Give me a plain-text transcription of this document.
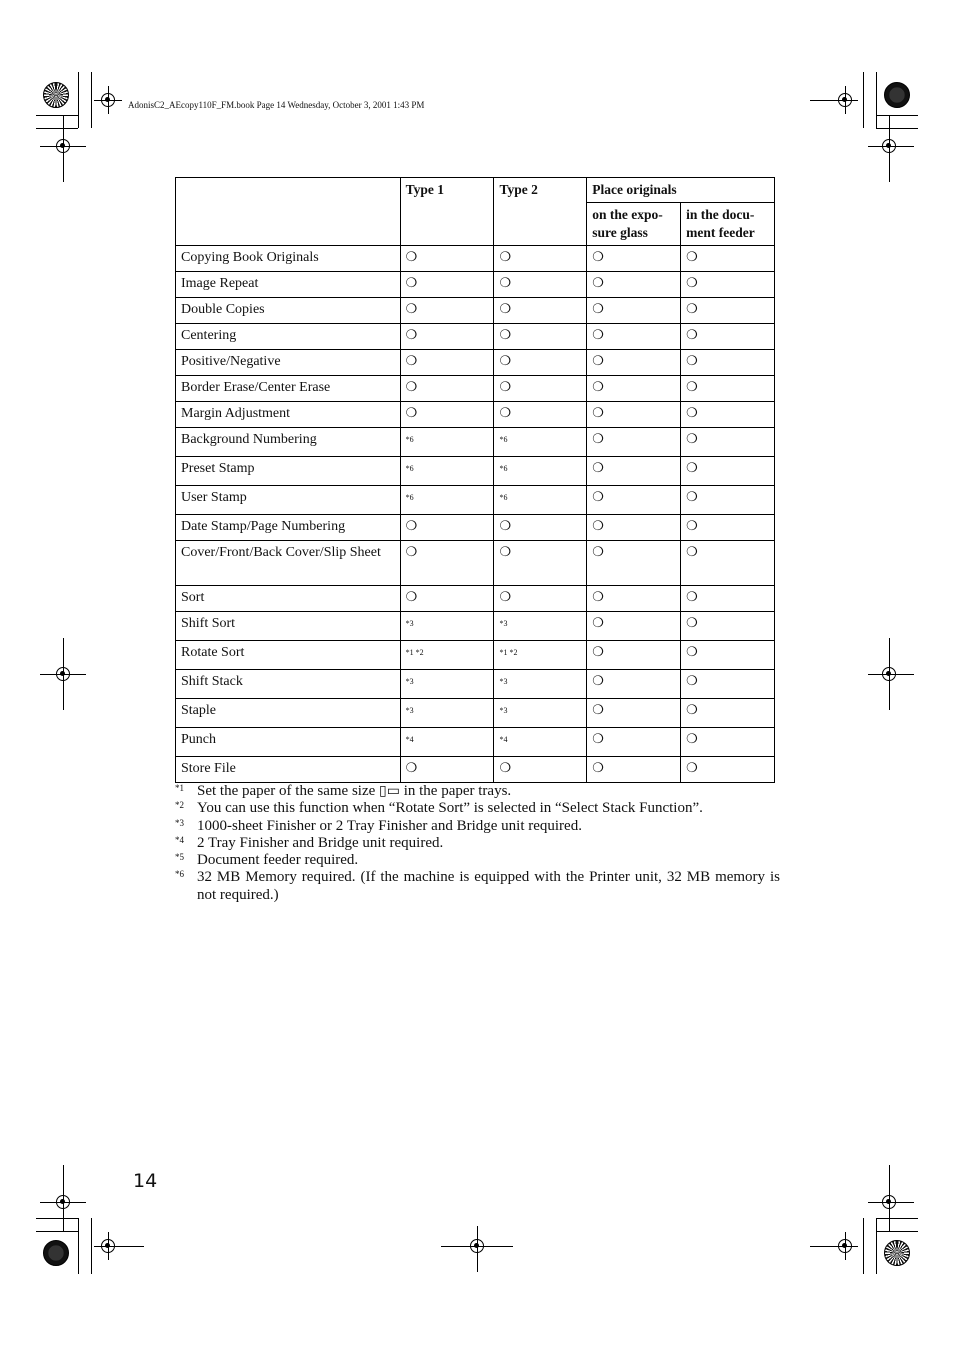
AdonisC2_AEcopy110F_FM.book Page 14 Wednesday, October 3, 2001 1:43 PM
	Type 1	Type 2	Place originals	
			on the expo-
sure glass	in the docu-
ment feeder
Copying Book Originals	❍	❍	❍	❍
Image Repeat	❍	❍	❍	❍
Double Copies	❍	❍	❍	❍
Centering	❍	❍	❍	❍
Positive/Negative	❍	❍	❍	❍
Border Erase/Center Erase	❍	❍	❍	❍
Margin Adjustment	❍	❍	❍	❍
Background Numbering	*6	*6	❍	❍
Preset Stamp	*6	*6	❍	❍
User Stamp	*6	*6	❍	❍
Date Stamp/Page Numbering	❍	❍	❍	❍
Cover/Front/Back Cover/Slip Sheet	❍	❍	❍	❍
Sort	❍	❍	❍	❍
Shift Sort	*3	*3	❍	❍
Rotate Sort	*1 *2	*1 *2	❍	❍
Shift Stack	*3	*3	❍	❍
Staple	*3	*3	❍	❍
Punch	*4	*4	❍	❍
Store File	❍	❍	❍	❍
*1 Set the paper of the same size ▯▭ in the paper trays.
*2 You can use this function when “Rotate Sort” is selected in “Select Stack Function”.
*3 1000-sheet Finisher or 2 Tray Finisher and Bridge unit required.
*4 2 Tray Finisher and Bridge unit required.
*5 Document feeder required.
*6 32 MB Memory required. (If the machine is equipped with the Printer unit, 32 MB memory is not required.)
14
